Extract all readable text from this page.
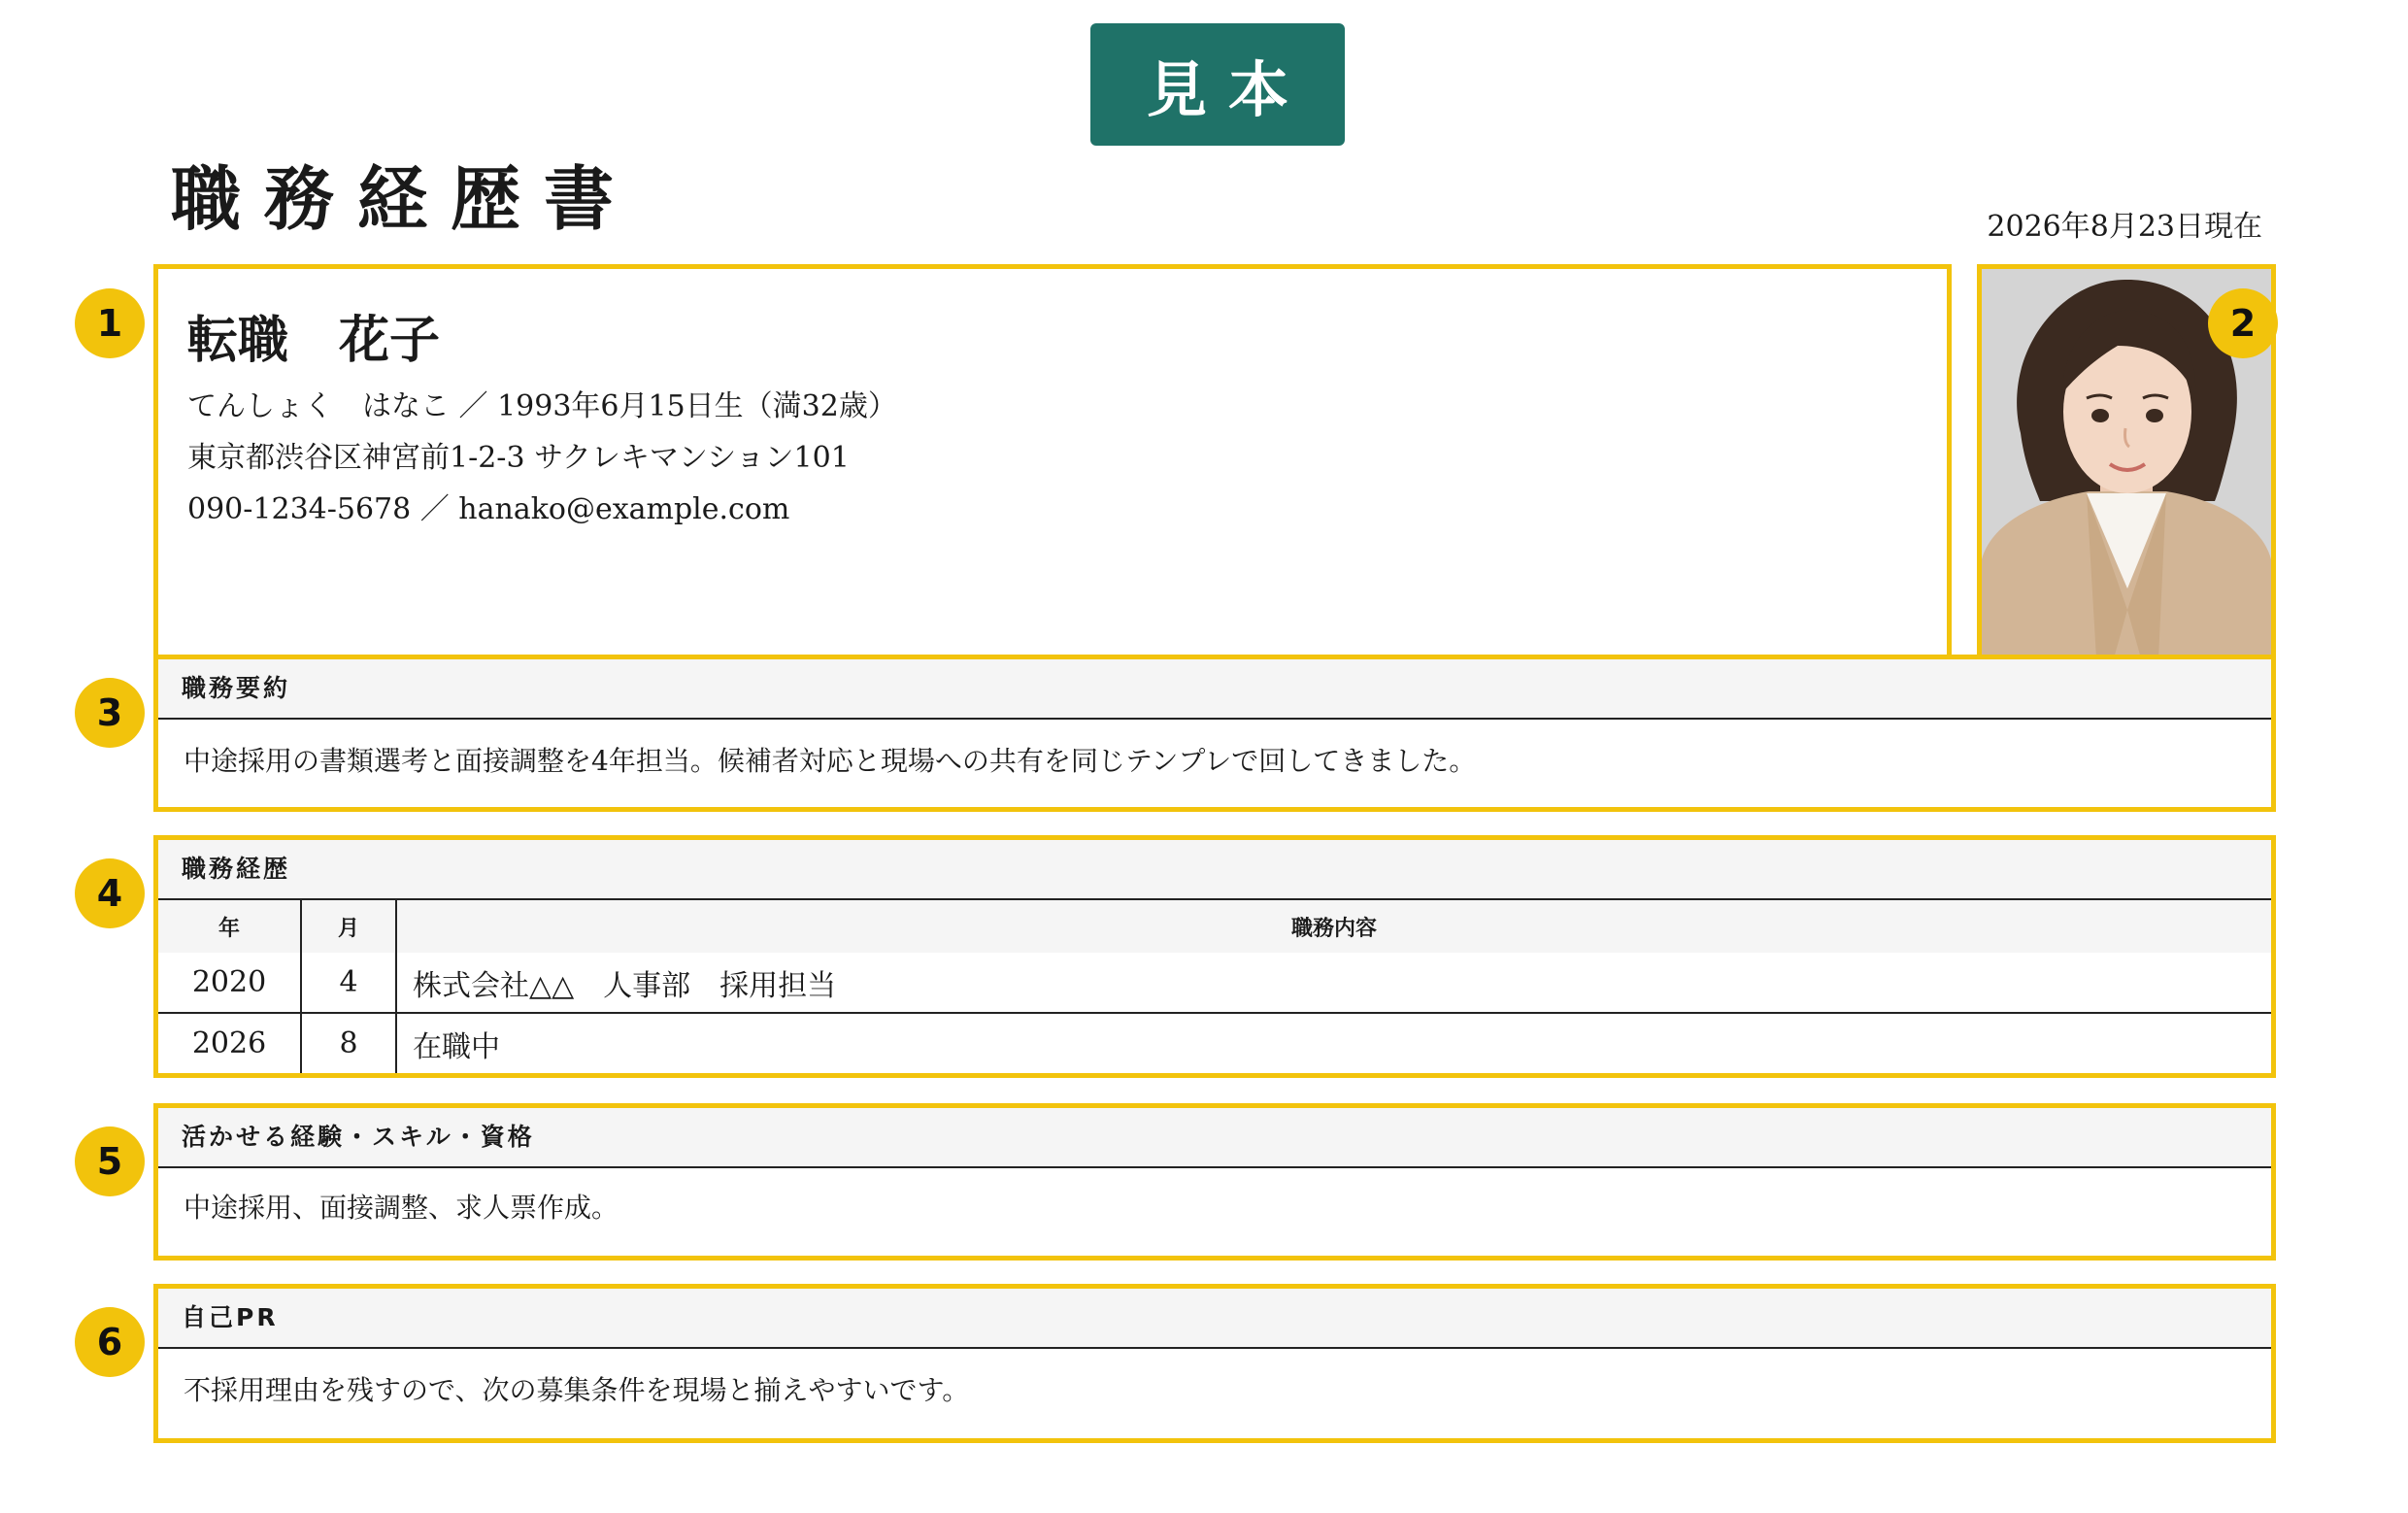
見本
職務経歴書	2026年8月23日現在
転職　花子
てんしょく　はなこ ／ 1993年6月15日生（満32歳）
東京都渋谷区神宮前1-2-3 サクレキマンション101
090-1234-5678 ／ hanako@example.com
職務要約
中途採用の書類選考と面接調整を4年担当。候補者対応と現場への共有を同じテンプレで回してきました。
職務経歴
年	月	職務内容
2020	4	株式会社△△　人事部　採用担当
2026	8	在職中
活かせる経験・スキル・資格
中途採用、面接調整、求人票作成。
自己PR
不採用理由を残すので、次の募集条件を現場と揃えやすいです。
1	2
3
4
5
6
